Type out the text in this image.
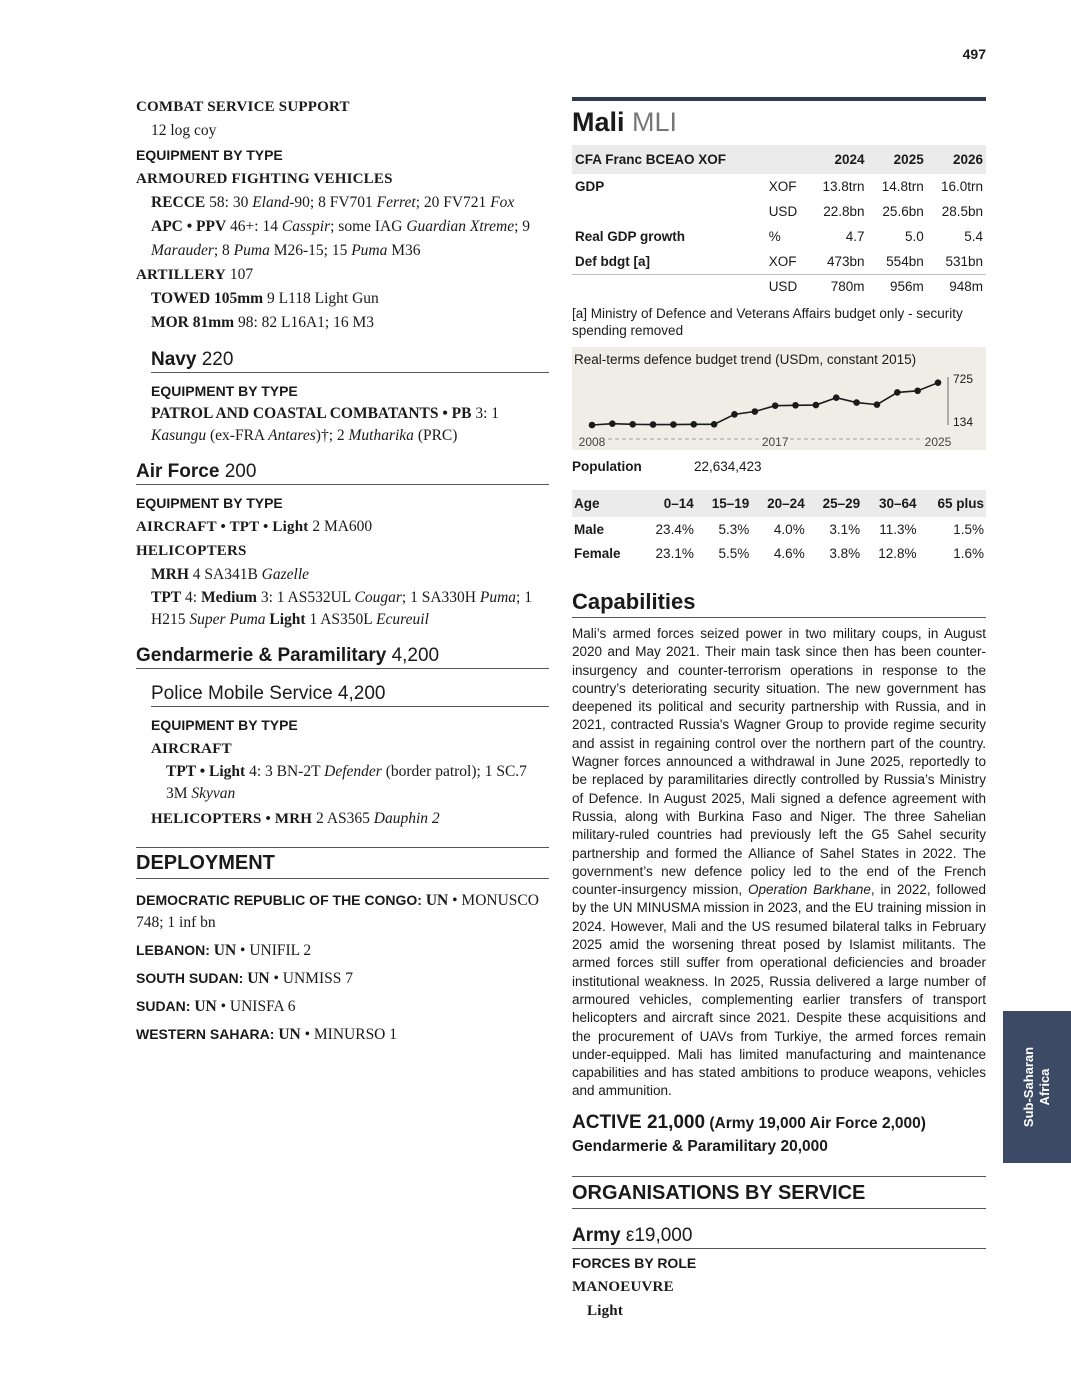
497
COMBAT SERVICE SUPPORT
12 log coy
EQUIPMENT BY TYPE
ARMOURED FIGHTING VEHICLES
RECCE 58: 30 Eland-90; 8 FV701 Ferret; 20 FV721 Fox
APC • PPV 46+: 14 Casspir; some IAG Guardian Xtreme; 9 Marauder; 8 Puma M26-15; 15 Puma M36
ARTILLERY 107
TOWED 105mm 9 L118 Light Gun
MOR 81mm 98: 82 L16A1; 16 M3
Navy 220
EQUIPMENT BY TYPE
PATROL AND COASTAL COMBATANTS • PB 3: 1 Kasungu (ex-FRA Antares)†; 2 Mutharika (PRC)
Air Force 200
EQUIPMENT BY TYPE
AIRCRAFT • TPT • Light 2 MA600
HELICOPTERS
MRH 4 SA341B Gazelle
TPT 4: Medium 3: 1 AS532UL Cougar; 1 SA330H Puma; 1 H215 Super Puma Light 1 AS350L Ecureuil
Gendarmerie & Paramilitary 4,200
Police Mobile Service 4,200
EQUIPMENT BY TYPE
AIRCRAFT
TPT • Light 4: 3 BN-2T Defender (border patrol); 1 SC.7 3M Skyvan
HELICOPTERS • MRH 2 AS365 Dauphin 2
DEPLOYMENT
DEMOCRATIC REPUBLIC OF THE CONGO: UN • MONUSCO 748; 1 inf bn
LEBANON: UN • UNIFIL 2
SOUTH SUDAN: UN • UNMISS 7
SUDAN: UN • UNISFA 6
WESTERN SAHARA: UN • MINURSO 1
Mali MLI
CFA Franc BCEAO XOF		2024	2025	2026
GDP	XOF	13.8trn	14.8trn	16.0trn
	USD	22.8bn	25.6bn	28.5bn
Real GDP growth	%	4.7	5.0	5.4
Def bdgt [a]	XOF	473bn	554bn	531bn
	USD	780m	956m	948m
[a] Ministry of Defence and Veterans Affairs budget only - security spending removed
Real-terms defence budget trend (USDm, constant 2015)
725
134
2008	2017	2025
Population	22,634,423
Age	0–14	15–19	20–24	25–29	30–64	65 plus
Male	23.4%	5.3%	4.0%	3.1%	11.3%	1.5%
Female	23.1%	5.5%	4.6%	3.8%	12.8%	1.6%
Capabilities
Mali’s armed forces seized power in two military coups, in August 2020 and May 2021. Their main task since then has been counter-insurgency and counter-terrorism operations in response to the country’s deteriorating security situation. The new government has deepened its political and security partnership with Russia, and in 2021, contracted Russia's Wagner Group to provide regime security and assist in regaining control over the northern part of the country. Wagner forces announced a withdrawal in June 2025, reportedly to be replaced by paramilitaries directly controlled by Russia’s Ministry of Defence. In August 2025, Mali signed a defence agreement with Russia, along with Burkina Faso and Niger. The three Sahelian military-ruled countries had previously left the G5 Sahel security partnership and formed the Alliance of Sahel States in 2022. The government’s new defence policy led to the end of the French counter-insurgency mission, Operation Barkhane, in 2022, followed by the UN MINUSMA mission in 2023, and the EU training mission in 2024. However, Mali and the US resumed bilateral talks in February 2025 amid the worsening threat posed by Islamist militants. The armed forces still suffer from operational deficiencies and broader institutional weakness. In 2025, Russia delivered a large number of armoured vehicles, complementing earlier transfers of transport helicopters and aircraft since 2021. Despite these acquisitions and the procurement of UAVs from Turkiye, the armed forces remain under-equipped. Mali has limited manufacturing and maintenance capabilities and has stated ambitions to produce weapons, vehicles and ammunition.
ACTIVE 21,000 (Army 19,000 Air Force 2,000)
Gendarmerie & Paramilitary 20,000
ORGANISATIONS BY SERVICE
Army ε19,000
FORCES BY ROLE
MANOEUVRE
Light
Sub-Saharan
Africa
